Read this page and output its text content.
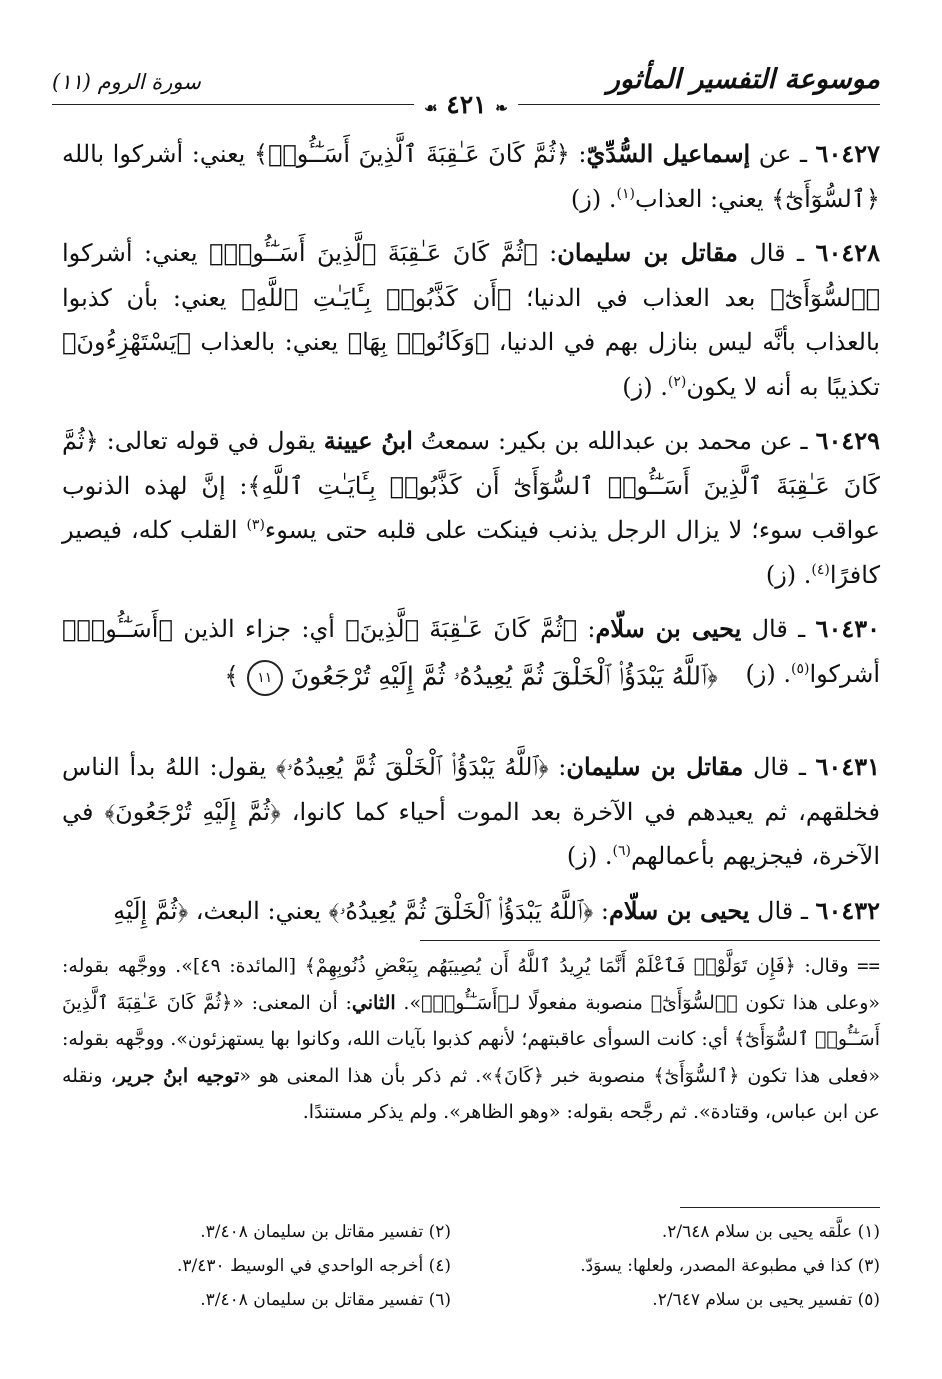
موسوعة التفسير المأثور
❧ ٤٢١ ☙
سورة الروم (١١)

٦٠٤٢٧ ـ عن إسماعيل السُّدِّيّ: ﴿ثُمَّ كَانَ عَـٰقِبَةَ ٱلَّذِينَ أَسَـٰٓـُٔوا۟﴾ يعني: أشركوا بالله ﴿ٱلسُّوٓأَىٰٓ﴾ يعني: العذاب$^{(١)}$. (ز)

٦٠٤٢٨ ـ قال مقاتل بن سليمان: ﴿ثُمَّ كَانَ عَـٰقِبَةَ ٱلَّذِينَ أَسَـٰٓـُٔوا۟﴾ يعني: أشركوا ﴿ٱلسُّوٓأَىٰٓ﴾ بعد العذاب في الدنيا؛ ﴿أَن كَذَّبُوا۟ بِـَٔايَـٰتِ ٱللَّهِ﴾ يعني: بأن كذبوا بالعذاب بأنَّه ليس بنازل بهم في الدنيا، ﴿وَكَانُوا۟ بِهَا﴾ يعني: بالعذاب ﴿يَسْتَهْزِءُونَ﴾ تكذيبًا به أنه لا يكون$^{(٢)}$. (ز)

٦٠٤٢٩ ـ عن محمد بن عبدالله بن بكير: سمعتُ ابنُ عيينة يقول في قوله تعالى: ﴿ثُمَّ كَانَ عَـٰقِبَةَ ٱلَّذِينَ أَسَـٰٓـُٔوا۟ ٱلسُّوٓأَىٰٓ أَن كَذَّبُوا۟ بِـَٔايَـٰتِ ٱللَّهِ﴾: إنَّ لهذه الذنوب عواقب سوء؛ لا يزال الرجل يذنب فينكت على قلبه حتى يسوء$^{(٣)}$ القلب كله، فيصير كافرًا$^{(٤)}$. (ز)

٦٠٤٣٠ ـ قال يحيى بن سلّام: ﴿ثُمَّ كَانَ عَـٰقِبَةَ ٱلَّذِينَ﴾ أي: جزاء الذين ﴿أَسَـٰٓـُٔوا۟﴾ أشركوا$^{(٥)}$. (ز)

﴿ٱللَّهُ يَبْدَؤُا۟ ٱلْخَلْقَ ثُمَّ يُعِيدُهُۥ ثُمَّ إِلَيْهِ تُرْجَعُونَ ١١ ﴾

٦٠٤٣١ ـ قال مقاتل بن سليمان: ﴿ٱللَّهُ يَبْدَؤُا۟ ٱلْخَلْقَ ثُمَّ يُعِيدُهُۥ﴾ يقول: اللهُ بدأ الناس فخلقهم، ثم يعيدهم في الآخرة بعد الموت أحياء كما كانوا، ﴿ثُمَّ إِلَيْهِ تُرْجَعُونَ﴾ في الآخرة، فيجزيهم بأعمالهم$^{(٦)}$. (ز)

٦٠٤٣٢ ـ قال يحيى بن سلّام: ﴿ٱللَّهُ يَبْدَؤُا۟ ٱلْخَلْقَ ثُمَّ يُعِيدُهُۥ﴾ يعني: البعث، ﴿ثُمَّ إِلَيْهِ

== وقال: ﴿فَإِن تَوَلَّوْا۟ فَٱعْلَمْ أَنَّمَا يُرِيدُ ٱللَّهُ أَن يُصِيبَهُم بِبَعْضِ ذُنُوبِهِمْ﴾ [المائدة: ٤٩]». ووجَّهه بقوله: «وعلى هذا تكون ﴿ٱلسُّوٓأَىٰٓ﴾ منصوبة مفعولًا لـ﴿أَسَـٰٓـُٔوا۟﴾». الثاني: أن المعنى: «﴿ثُمَّ كَانَ عَـٰقِبَةَ ٱلَّذِينَ أَسَـٰٓـُٔوا۟ ٱلسُّوٓأَىٰٓ﴾ أي: كانت السوأى عاقبتهم؛ لأنهم كذبوا بآيات الله، وكانوا بها يستهزئون». ووجَّهه بقوله: «فعلى هذا تكون ﴿ٱلسُّوٓأَىٰٓ﴾ منصوبة خبر ﴿كَانَ﴾». ثم ذكر بأن هذا المعنى هو «توجيه ابنُ جرير، ونقله عن ابن عباس، وقتادة». ثم رجَّحه بقوله: «وهو الظاهر». ولم يذكر مستندًا.
(١) علَّقه يحيى بن سلام ٢/٦٤٨.
(٢) تفسير مقاتل بن سليمان ٣/٤٠٨.
(٣) كذا في مطبوعة المصدر، ولعلها: يسوَدّ.
(٤) أخرجه الواحدي في الوسيط ٣/٤٣٠.
(٥) تفسير يحيى بن سلام ٢/٦٤٧.
(٦) تفسير مقاتل بن سليمان ٣/٤٠٨.
